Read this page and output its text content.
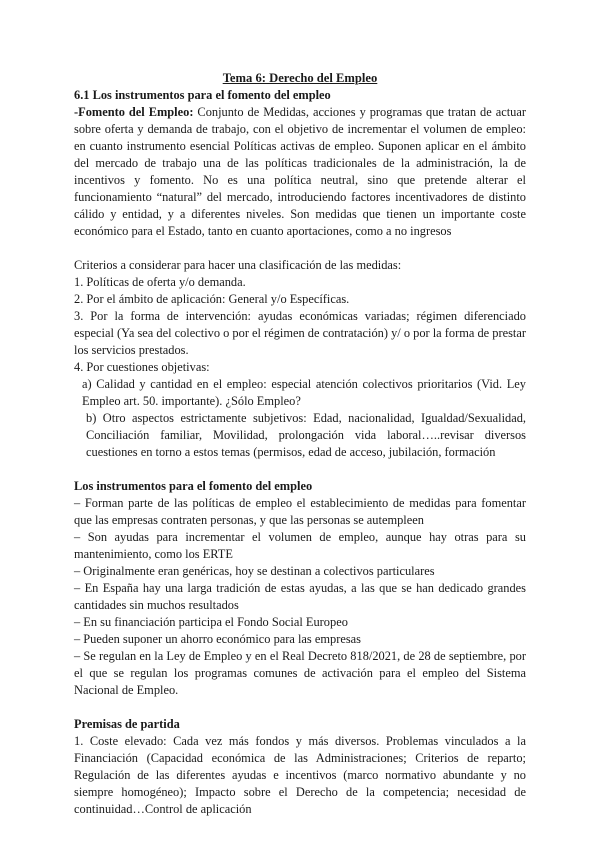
Tema 6: Derecho del Empleo
6.1 Los instrumentos para el fomento del empleo

-Fomento del Empleo: Conjunto de Medidas, acciones y programas que tratan de actuar sobre oferta y demanda de trabajo, con el objetivo de incrementar el volumen de empleo: en cuanto instrumento esencial Políticas activas de empleo. Suponen aplicar en el ámbito del mercado de trabajo una de las políticas tradicionales de la administración, la de incentivos y fomento. No es una política neutral, sino que pretende alterar el funcionamiento “natural” del mercado, introduciendo factores incentivadores de distinto cálido y entidad, y a diferentes niveles. Son medidas que tienen un importante coste económico para el Estado, tanto en cuanto aportaciones, como a no ingresos

Criterios a considerar para hacer una clasificación de las medidas:

1. Políticas de oferta y/o demanda.

2. Por el ámbito de aplicación: General y/o Específicas.

3. Por la forma de intervención: ayudas económicas variadas; régimen diferenciado especial (Ya sea del colectivo o por el régimen de contratación) y/ o por la forma de prestar los servicios prestados.

4. Por cuestiones objetivas:

a) Calidad y cantidad en el empleo: especial atención colectivos prioritarios (Vid. Ley Empleo art. 50. importante). ¿Sólo Empleo?

b) Otro aspectos estrictamente subjetivos: Edad, nacionalidad, Igualdad/Sexualidad, Conciliación familiar, Movilidad, prolongación vida laboral…..revisar diversos cuestiones en torno a estos temas (permisos, edad de acceso, jubilación, formación

Los instrumentos para el fomento del empleo

– Forman parte de las políticas de empleo el establecimiento de medidas para fomentar que las empresas contraten personas, y que las personas se autempleen

– Son ayudas para incrementar el volumen de empleo, aunque hay otras para su mantenimiento, como los ERTE

– Originalmente eran genéricas, hoy se destinan a colectivos particulares

– En España hay una larga tradición de estas ayudas, a las que se han dedicado grandes cantidades sin muchos resultados

– En su financiación participa el Fondo Social Europeo

– Pueden suponer un ahorro económico para las empresas

– Se regulan en la Ley de Empleo y en el Real Decreto 818/2021, de 28 de septiembre, por el que se regulan los programas comunes de activación para el empleo del Sistema Nacional de Empleo.

Premisas de partida

1. Coste elevado: Cada vez más fondos y más diversos. Problemas vinculados a la Financiación (Capacidad económica de las Administraciones; Criterios de reparto; Regulación de las diferentes ayudas e incentivos (marco normativo abundante y no siempre homogéneo); Impacto sobre el Derecho de la competencia; necesidad de continuidad…Control de aplicación
